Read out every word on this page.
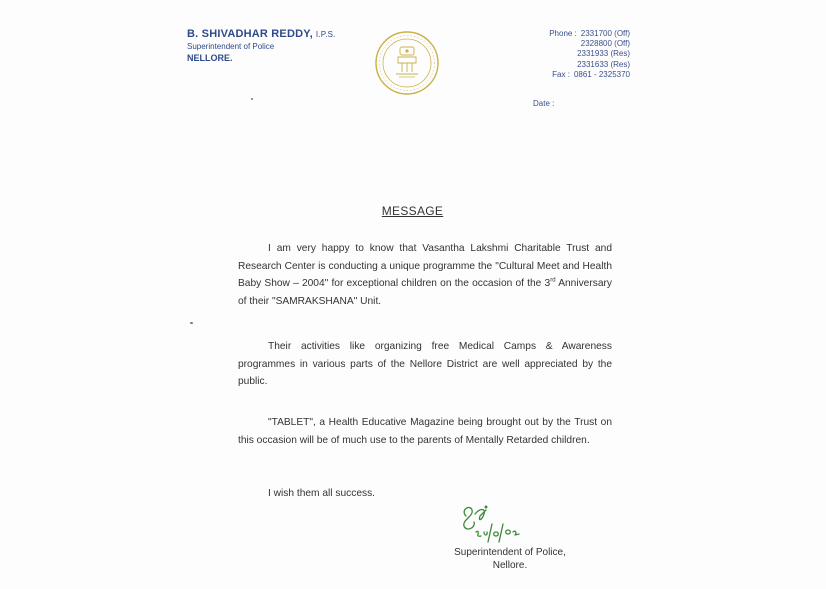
B. SHIVADHAR REDDY, I.P.S.
Superintendent of Police
NELLORE.
Phone : 2331700 (Off)
2328800 (Off)
2331933 (Res)
2331633 (Res)
Fax : 0861 - 2325370
Date :
MESSAGE
I am very happy to know that Vasantha Lakshmi Charitable Trust and Research Center is conducting a unique programme the "Cultural Meet and Health Baby Show – 2004" for exceptional children on the occasion of the 3rd Anniversary of their "SAMRAKSHANA" Unit.
Their activities like organizing free Medical Camps & Awareness programmes in various parts of the Nellore District are well appreciated by the public.
"TABLET", a Health Educative Magazine being brought out by the Trust on this occasion will be of much use to the parents of Mentally Retarded children.
I wish them all success.
Superintendent of Police,
Nellore.
